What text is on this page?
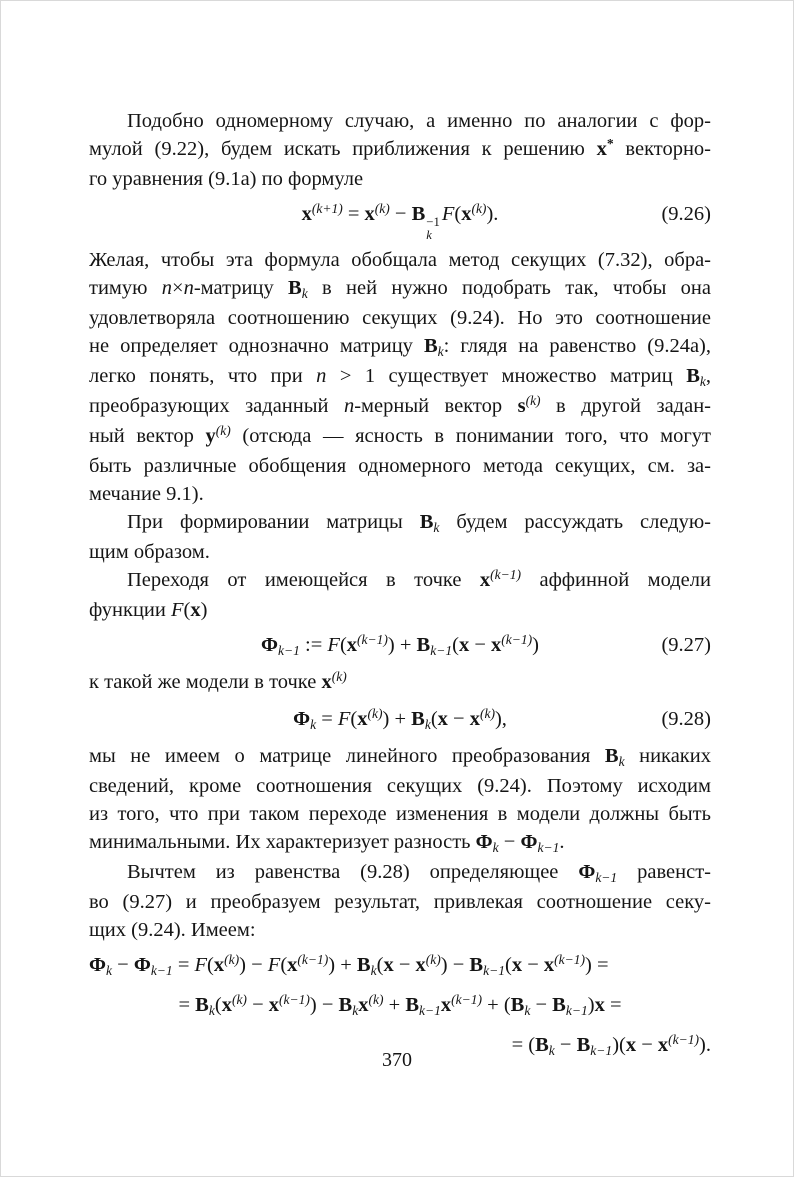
Подобно одномерному случаю, а именно по аналогии с фор-
мулой (9.22), будем искать приближения к решению x* векторно-
го уравнения (9.1а) по формуле
$x^{(k+1)} = x^{(k)} - B -1$
k
$F(x^{(k)})$.	(9.26)
Желая, чтобы эта формула обобщала метод секущих (7.32), обра-
тимую n×n-матрицу Bk в ней нужно подобрать так, чтобы она
удовлетворяла соотношению секущих (9.24). Но это соотношение
не определяет однозначно матрицу Bk: глядя на равенство (9.24а),
легко понять, что при n > 1 существует множество матриц Bk,
преобразующих заданный n-мерный вектор $s^{(k)}$ в другой задан-
ный вектор $y^{(k)}$ (отсюда — ясность в понимании того, что могут
быть различные обобщения одномерного метода секущих, см. за-
мечание 9.1).
При формировании матрицы Bk будем рассуждать следую-
щим образом.
Переходя от имеющейся в точке $x^{(k-1)}$ аффинной модели
функции F(x)
Φk−1 := $F(x^{(k-1)}) + Bk-1(x - x^{(k-1)})$	(9.27)
к такой же модели в точке $x^{(k)}$
$\Phi k = F(x^{(k)}) + Bk(x - x^{(k)})$,	(9.28)
мы не имеем о матрице линейного преобразования Bk никаких
сведений, кроме соотношения секущих (9.24). Поэтому исходим
из того, что при таком переходе изменения в модели должны быть
минимальными. Их характеризует разность Φk − Φk−1.
Вычтем из равенства (9.28) определяющее Φk−1 равенст-
во (9.27) и преобразуем результат, привлекая соотношение секу-
щих (9.24). Имеем:
$\Phi k - \Phi k-1 = F(x^{(k)}) - F(x^{(k-1)}) + Bk(x - x^{(k)}) - Bk-1(x - x^{(k-1)})$ =
= $Bk(x^{(k)} - x^{(k-1)}) - Bkx^{(k)} + Bk-1x^{(k-1)} + (Bk - Bk-1)x$ =
= $(Bk - Bk-1)(x - x^{(k-1)})$.
370
